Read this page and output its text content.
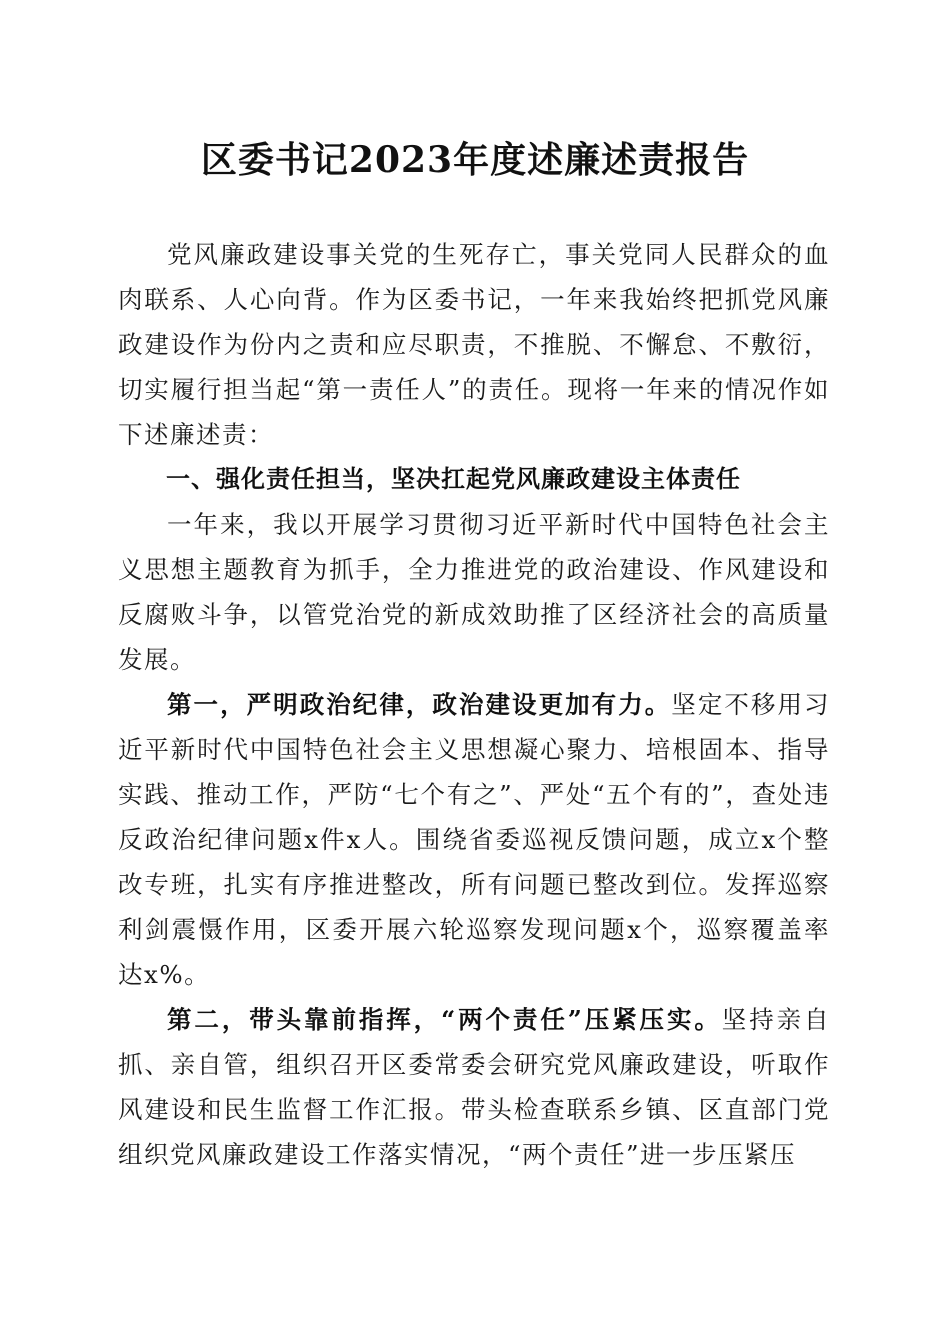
区委书记2023年度述廉述责报告

党风廉政建设事关党的生死存亡，事关党同人民群众的血肉联系、人心向背。作为区委书记，一年来我始终把抓党风廉政建设作为份内之责和应尽职责，不推脱、不懈怠、不敷衍，切实履行担当起“第一责任人”的责任。现将一年来的情况作如下述廉述责：

一、强化责任担当，坚决扛起党风廉政建设主体责任

一年来，我以开展学习贯彻习近平新时代中国特色社会主义思想主题教育为抓手，全力推进党的政治建设、作风建设和反腐败斗争，以管党治党的新成效助推了区经济社会的高质量发展。

第一，严明政治纪律，政治建设更加有力。坚定不移用习近平新时代中国特色社会主义思想凝心聚力、培根固本、指导实践、推动工作，严防“七个有之”、严处“五个有的”，查处违反政治纪律问题x件x人。围绕省委巡视反馈问题，成立x个整改专班，扎实有序推进整改，所有问题已整改到位。发挥巡察利剑震慑作用，区委开展六轮巡察发现问题x个，巡察覆盖率达x%。

第二，带头靠前指挥，“两个责任”压紧压实。坚持亲自抓、亲自管，组织召开区委常委会研究党风廉政建设，听取作风建设和民生监督工作汇报。带头检查联系乡镇、区直部门党组织党风廉政建设工作落实情况，“两个责任”进一步压紧压
